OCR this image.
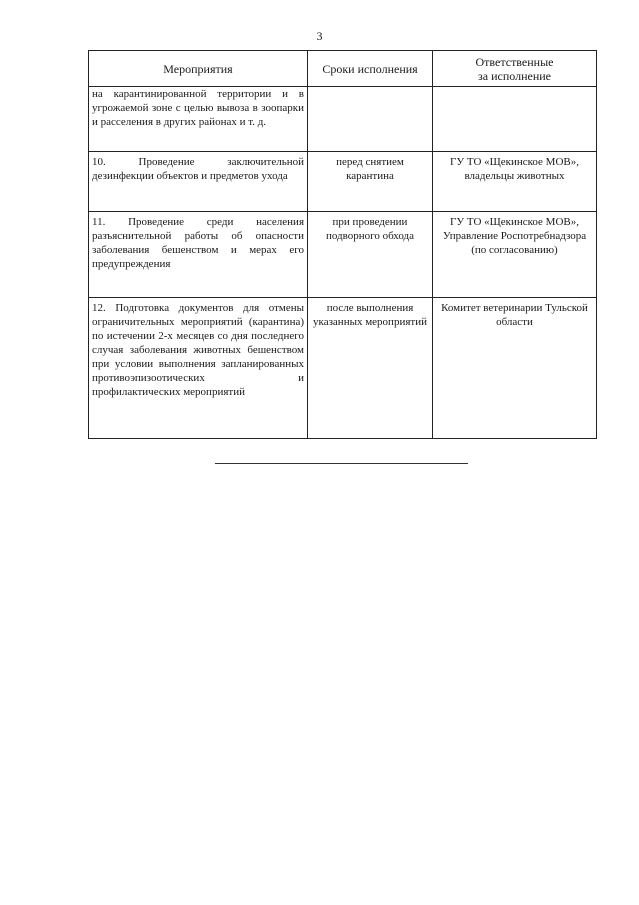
3
Мероприятия	Сроки исполнения	Ответственные
за исполнение
на карантинированной территории и в угрожаемой зоне с целью вывоза в зоопарки и расселения в других районах и т. д.		
10. Проведение заключительной дезинфекции объектов и предметов ухода	перед снятием карантина	ГУ ТО «Щекинское МОВ», владельцы животных
11. Проведение среди населения разъяснительной работы об опасности заболевания бешенством и мерах его предупреждения	при проведении подворного обхода	ГУ ТО «Щекинское МОВ», Управление Роспотребнадзора (по согласованию)
12. Подготовка документов для отмены ограничительных мероприятий (карантина) по истечении 2-х месяцев со дня последнего случая заболевания животных бешенством при условии выполнения запланированных противоэпизоотических и профилактических мероприятий	после выполнения указанных мероприятий	Комитет ветеринарии Тульской области
